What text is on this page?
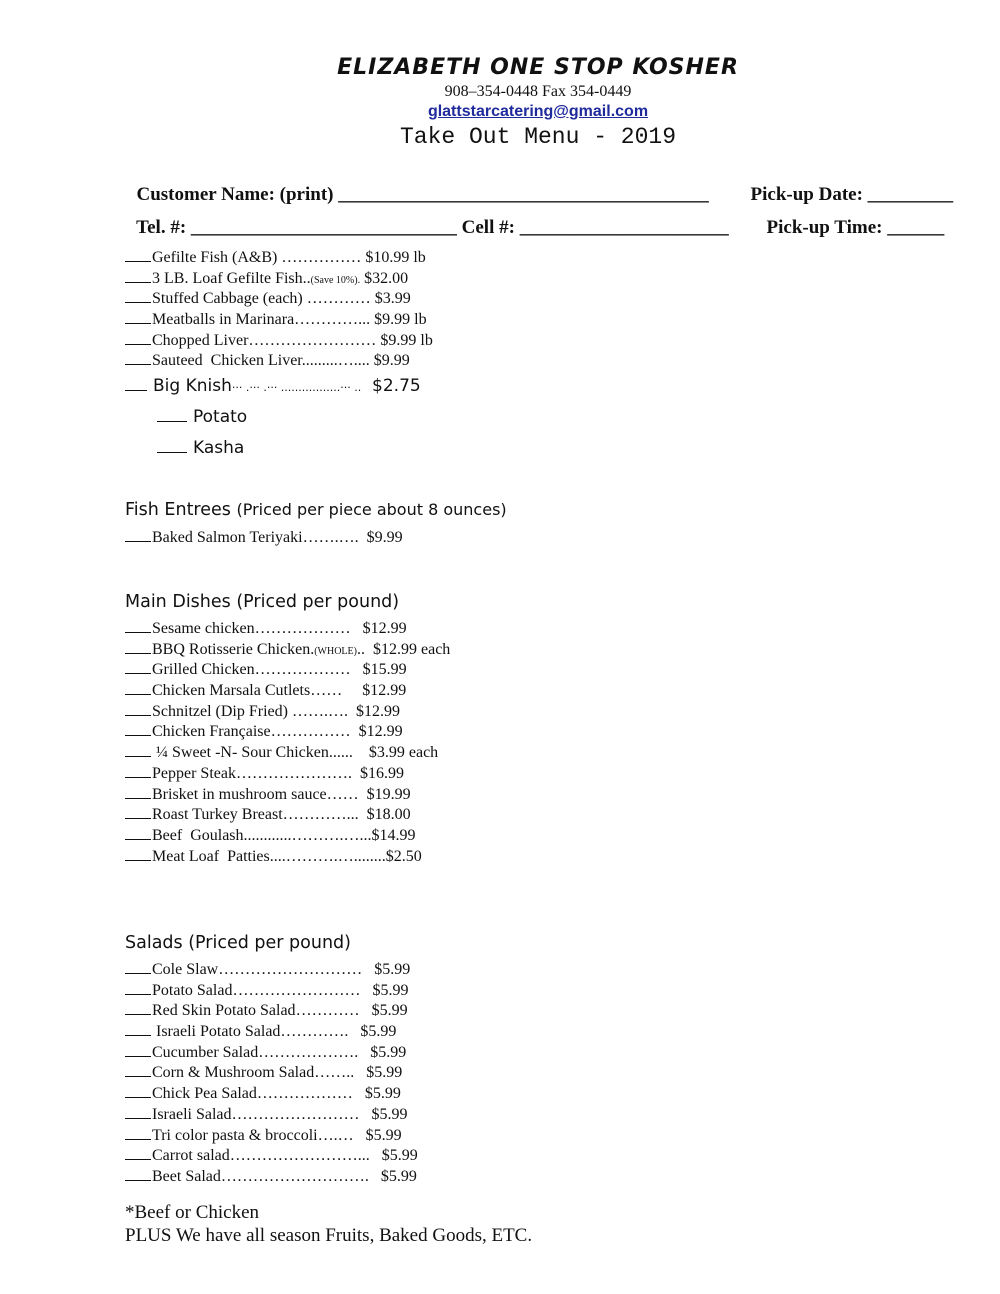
ELIZABETH ONE STOP KOSHER
908–354-0448 Fax 354-0449
glattstarcatering@gmail.com
Take Out Menu - 2019

Customer Name: (print) _______________________________________	Pick-up Date: _________

Tel. #: ____________________________ Cell #: ______________________	Pick-up Time: ______

Gefilte Fish (A&B) …………… $10.99 lb
3 LB. Loaf Gefilte Fish..(Save 10%). $32.00
Stuffed Cabbage (each) ………… $3.99
Meatballs in Marinara…………... $9.99 lb
Chopped Liver…………………… $9.99 lb
Sauteed  Chicken Liver.........….... $9.99
Big Knish··· .··· .··· .................··· .. $2.75
Potato
Kasha
Fish Entrees (Priced per piece about 8 ounces)
Baked Salmon Teriyaki…….….  $9.99
Main Dishes (Priced per pound)
Sesame chicken………………   $12.99
BBQ Rotisserie Chicken.(WHOLE)..  $12.99 each
Grilled Chicken………………   $15.99
Chicken Marsala Cutlets……     $12.99
Schnitzel (Dip Fried) …….….  $12.99
Chicken Française……………  $12.99
¼ Sweet -N- Sour Chicken......    $3.99 each
Pepper Steak………………….  $16.99
Brisket in mushroom sauce……  $19.99
Roast Turkey Breast…………...  $18.00
Beef  Goulash............……….…...$14.99
Meat Loaf  Patties....……….…........$2.50
Salads (Priced per pound)
Cole Slaw………………………   $5.99
Potato Salad……………………   $5.99
Red Skin Potato Salad…………   $5.99
Israeli Potato Salad………….   $5.99
Cucumber Salad……………….   $5.99
Corn & Mushroom Salad……..   $5.99
Chick Pea Salad………………   $5.99
Israeli Salad……………………   $5.99
Tri color pasta & broccoli….…   $5.99
Carrot salad……………………...   $5.99
Beet Salad……………………….   $5.99
*Beef or Chicken
PLUS We have all season Fruits, Baked Goods, ETC.
